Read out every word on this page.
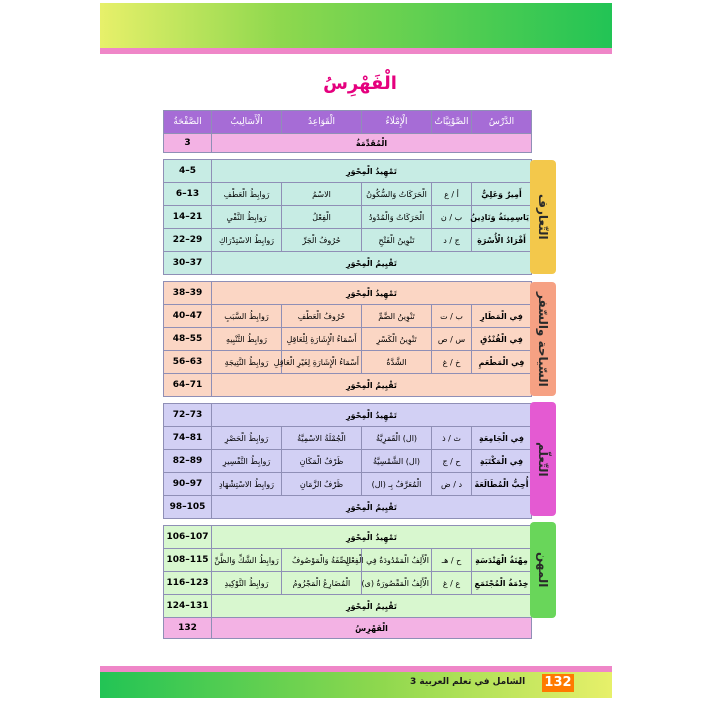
الْفَهْرِسُ
الدَّرْسُ	الصَّوْتِيَّاتُ	الْإِمْلَاءُ	الْقَوَاعِدُ	الْأَسَالِيبُ	الصَّفْحَةُ
الْمُقَدِّمَةُ					3

تَمْهِيدُ الْمِحْوَرِ					4–5
أَمِيرٌ وَعَلِيٌّ	أ / ع	الْحَرَكَاتُ وَالسُّكُونُ	الاسْمُ	رَوابِطُ الْعَطْفِ	6–13
يَاسِمِينَةُ وَنَادِينُ	ب / ن	الْحَرَكَاتُ وَالْمُدُودُ	الْفِعْلُ	رَوابِطُ النَّفْيِ	14–21
أَفْرَادُ الْأُسْرَةِ	ج / د	تَنْوِينُ الْفَتْحِ	حُرُوفُ الْجَرِّ	رَوابِطُ الاسْتِدْرَاكِ	22–29
تَقْيِيمُ الْمِحْوَرِ					30–37

تَمْهِيدُ الْمِحْوَرِ					38–39
فِي الْمَطَارِ	ب / ت	تَنْوِينُ الضَّمِّ	حُرُوفُ الْعَطْفِ	رَوابِطُ السَّبَبِ	40–47
فِي الْفُنْدُقِ	س / ص	تَنْوِينُ الْكَسْرِ	أَسْمَاءُ الْإِشَارَةِ لِلْعَاقِلِ	رَوابِطُ التَّنْبِيهِ	48–55
فِي الْمَطْعَمِ	خ / غ	الشَّدَّةُ	أَسْمَاءُ الْإِشَارَةِ لِغَيْرِ الْعَاقِلِ	رَوابِطُ النَّتِيجَةِ	56–63
تَقْيِيمُ الْمِحْوَرِ					64–71

تَمْهِيدُ الْمِحْوَرِ					72–73
فِي الْجَامِعَةِ	ث / ذ	(ال) الْقَمَرِيَّةُ	الْجُمْلَةُ الاسْمِيَّةُ	رَوابِطُ الْحَصْرِ	74–81
فِي الْمَكْتَبَةِ	ح / ج	(ال) الشَّمْسِيَّةُ	ظَرْفُ الْمَكَانِ	رَوابِطُ التَّفْسِيرِ	82–89
أُحِبُّ الْمُطَالَعَةَ	د / ض	الْمُعَرَّفُ بِـ (ال)	ظَرْفُ الزَّمَانِ	رَوابِطُ الاسْتِشْهَادِ	90–97
تَقْيِيمُ الْمِحْوَرِ					98–105

تَمْهِيدُ الْمِحْوَرِ					106–107
مِهْنَةُ الْهَنْدَسَةِ	ح / هـ	الْأَلِفُ الْمَمْدُودَةُ فِي الْفِعْلِ	الصِّفَةُ وَالْمَوْصُوفُ	رَوابِطُ الشَّكِّ وَالظَّنِّ	108–115
خِدْمَةُ الْمُجْتَمَعِ	ع / غ	الْأَلِفُ الْمَقْصُورَةُ (ى)	الْمُضَارِعُ الْمَجْزُومُ	رَوابِطُ التَّوْكِيدِ	116–123
تَقْيِيمُ الْمِحْوَرِ					124–131
الْفَهْرِسُ					132
التّعارف
السّياحة والسّفر
التّعلّم
المهن
الشامل في تعلم العربية 3 132
